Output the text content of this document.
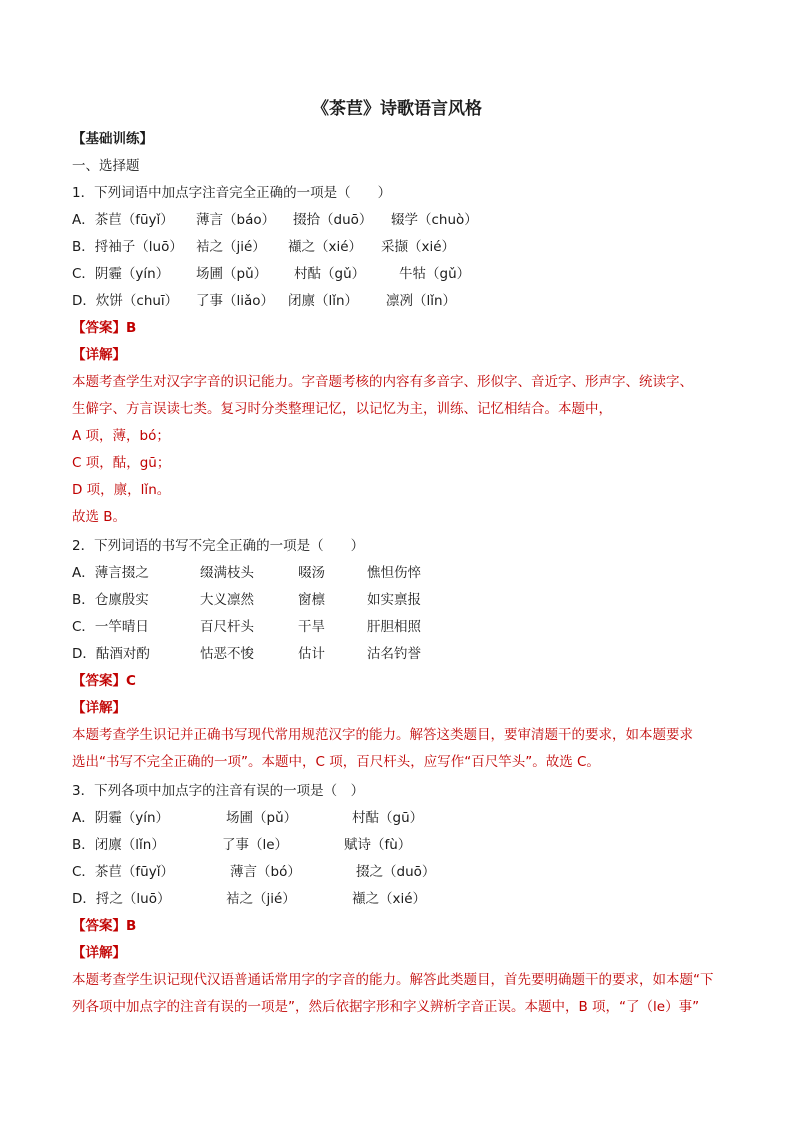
《茶苣》诗歌语言风格
【基础训练】
一、选择题
1．下列词语中加点字注音完全正确的一项是（　　）
A．茶苣（fūyǐ） 薄言（báo） 掇拾（duō） 辍学（chuò）
B．捋袖子（luō） 袺之（jié） 襭之（xié） 采撷（xié）
C．阴霾（yín） 场圃（pǔ） 村酤（gǔ）	牛牯（gǔ）
D．炊饼（chuī） 了事（liǎo） 闭廪（lǐn） 凛冽（lǐn）
【答案】B
【详解】
本题考查学生对汉字字音的识记能力。字音题考核的内容有多音字、形似字、音近字、形声字、统读字、
生僻字、方言误读七类。复习时分类整理记忆，以记忆为主，训练、记忆相结合。本题中，
A 项，薄，bó；
C 项，酤，gū；
D 项，廪，lǐn。
故选 B。
2．下列词语的书写不完全正确的一项是（　　）
A．薄言掇之	缀满枝头	啜汤	憔怛伤悴
B．仓廪殷实	大义凛然	窗檩	如实禀报
C．一竿晴日	百尺杆头	干旱	肝胆相照
D．酤酒对酌	怙恶不悛	估计	沽名钓誉
【答案】C
【详解】
本题考查学生识记并正确书写现代常用规范汉字的能力。解答这类题目，要审清题干的要求，如本题要求
选出“书写不完全正确的一项”。本题中，C 项，百尺杆头，应写作“百尺竿头”。故选 C。
3．下列各项中加点字的注音有误的一项是（　）
A．阴霾（yín）	场圃（pǔ）	村酤（gū）
B．闭廪（lǐn）	了事（le）	赋诗（fù）
C．茶苣（fūyǐ）	薄言（bó）	掇之（duō）
D．捋之（luō）	袺之（jié）	襭之（xié）
【答案】B
【详解】
本题考查学生识记现代汉语普通话常用字的字音的能力。解答此类题目，首先要明确题干的要求，如本题“下
列各项中加点字的注音有误的一项是”，然后依据字形和字义辨析字音正误。本题中，B 项，“了（le）事”
